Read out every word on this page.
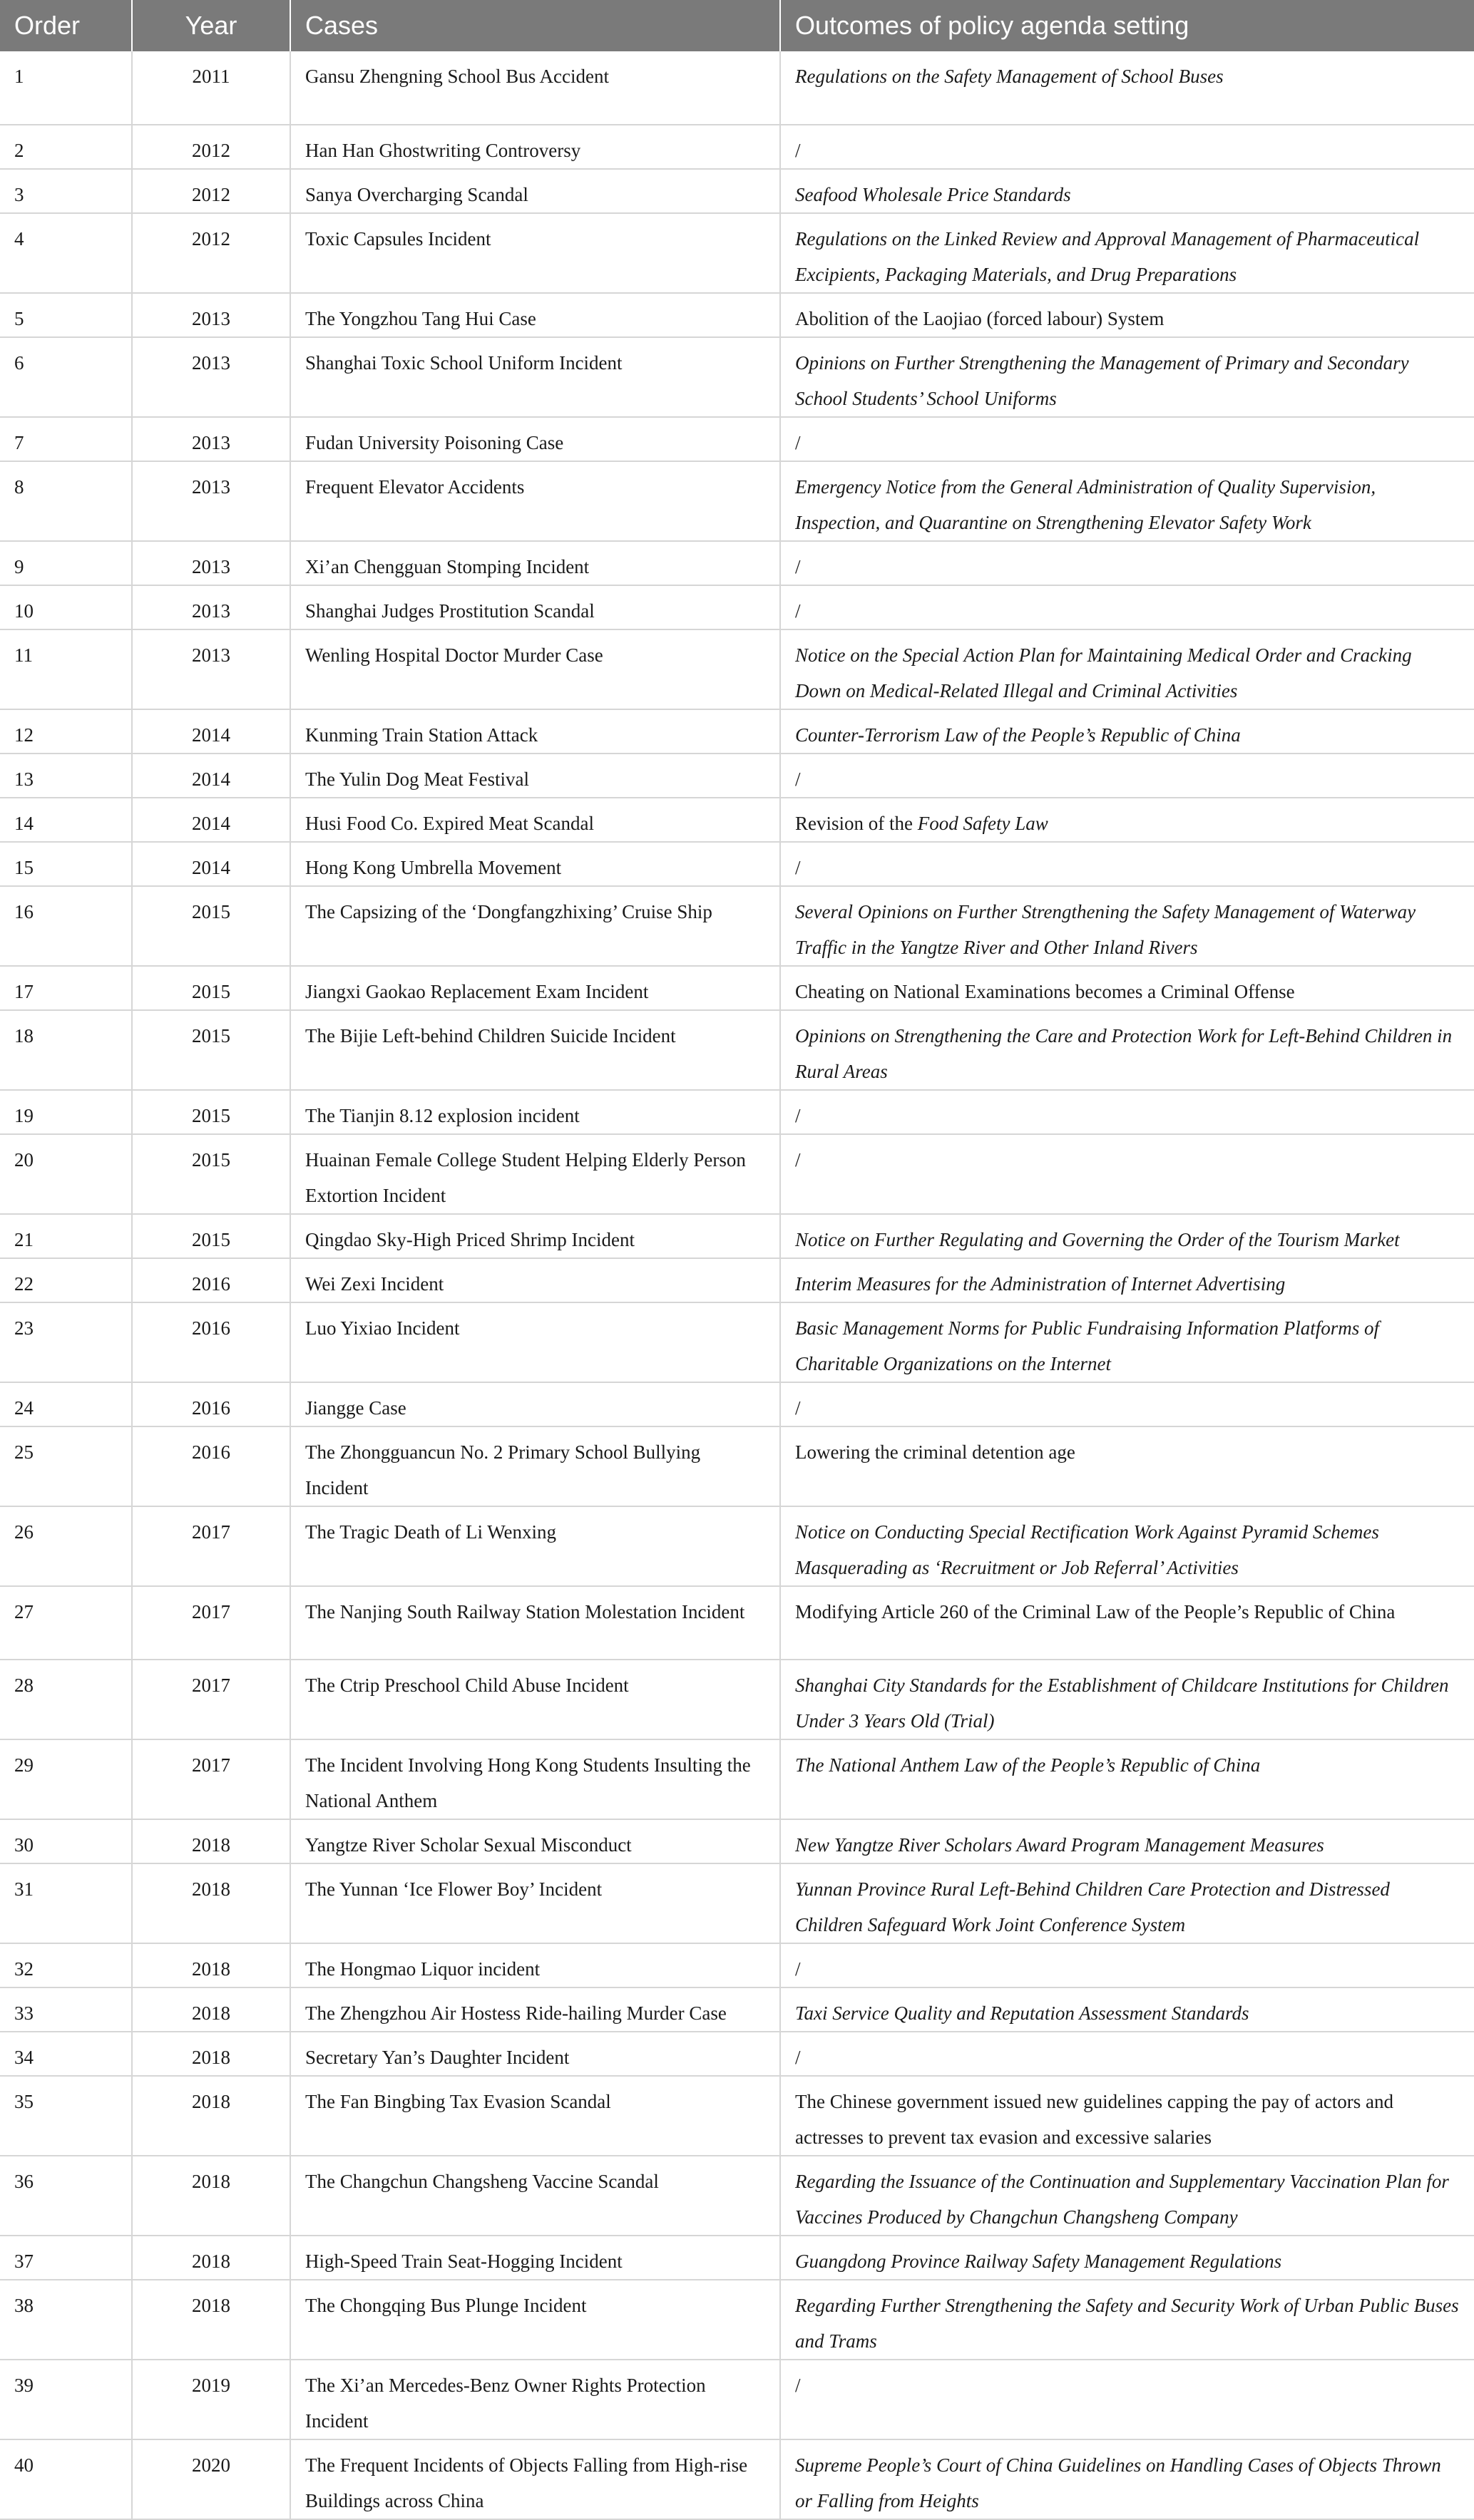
Order	Year	Cases	Outcomes of policy agenda setting
1	2011	Gansu Zhengning School Bus Accident	Regulations on the Safety Management of School Buses
2	2012	Han Han Ghostwriting Controversy	/
3	2012	Sanya Overcharging Scandal	Seafood Wholesale Price Standards
4	2012	Toxic Capsules Incident	Regulations on the Linked Review and Approval Management of Pharmaceutical Excipients, Packaging Materials, and Drug Preparations
5	2013	The Yongzhou Tang Hui Case	Abolition of the Laojiao (forced labour) System
6	2013	Shanghai Toxic School Uniform Incident	Opinions on Further Strengthening the Management of Primary and Secondary School Students’ School Uniforms
7	2013	Fudan University Poisoning Case	/
8	2013	Frequent Elevator Accidents	Emergency Notice from the General Administration of Quality Supervision, Inspection, and Quarantine on Strengthening Elevator Safety Work
9	2013	Xi’an Chengguan Stomping Incident	/
10	2013	Shanghai Judges Prostitution Scandal	/
11	2013	Wenling Hospital Doctor Murder Case	Notice on the Special Action Plan for Maintaining Medical Order and Cracking Down on Medical-Related Illegal and Criminal Activities
12	2014	Kunming Train Station Attack	Counter-Terrorism Law of the People’s Republic of China
13	2014	The Yulin Dog Meat Festival	/
14	2014	Husi Food Co. Expired Meat Scandal	Revision of the Food Safety Law
15	2014	Hong Kong Umbrella Movement	/
16	2015	The Capsizing of the ‘Dongfangzhixing’ Cruise Ship	Several Opinions on Further Strengthening the Safety Management of Waterway Traffic in the Yangtze River and Other Inland Rivers
17	2015	Jiangxi Gaokao Replacement Exam Incident	Cheating on National Examinations becomes a Criminal Offense
18	2015	The Bijie Left-behind Children Suicide Incident	Opinions on Strengthening the Care and Protection Work for Left-Behind Children in Rural Areas
19	2015	The Tianjin 8.12 explosion incident	/
20	2015	Huainan Female College Student Helping Elderly Person Extortion Incident	/
21	2015	Qingdao Sky-High Priced Shrimp Incident	Notice on Further Regulating and Governing the Order of the Tourism Market
22	2016	Wei Zexi Incident	Interim Measures for the Administration of Internet Advertising
23	2016	Luo Yixiao Incident	Basic Management Norms for Public Fundraising Information Platforms of Charitable Organizations on the Internet
24	2016	Jiangge Case	/
25	2016	The Zhongguancun No. 2 Primary School Bullying Incident	Lowering the criminal detention age
26	2017	The Tragic Death of Li Wenxing	Notice on Conducting Special Rectification Work Against Pyramid Schemes Masquerading as ‘Recruitment or Job Referral’ Activities
27	2017	The Nanjing South Railway Station Molestation Incident	Modifying Article 260 of the Criminal Law of the People’s Republic of China
28	2017	The Ctrip Preschool Child Abuse Incident	Shanghai City Standards for the Establishment of Childcare Institutions for Children Under 3 Years Old (Trial)
29	2017	The Incident Involving Hong Kong Students Insulting the National Anthem	The National Anthem Law of the People’s Republic of China
30	2018	Yangtze River Scholar Sexual Misconduct	New Yangtze River Scholars Award Program Management Measures
31	2018	The Yunnan ‘Ice Flower Boy’ Incident	Yunnan Province Rural Left-Behind Children Care Protection and Distressed Children Safeguard Work Joint Conference System
32	2018	The Hongmao Liquor incident	/
33	2018	The Zhengzhou Air Hostess Ride-hailing Murder Case	Taxi Service Quality and Reputation Assessment Standards
34	2018	Secretary Yan’s Daughter Incident	/
35	2018	The Fan Bingbing Tax Evasion Scandal	The Chinese government issued new guidelines capping the pay of actors and actresses to prevent tax evasion and excessive salaries
36	2018	The Changchun Changsheng Vaccine Scandal	Regarding the Issuance of the Continuation and Supplementary Vaccination Plan for Vaccines Produced by Changchun Changsheng Company
37	2018	High-Speed Train Seat-Hogging Incident	Guangdong Province Railway Safety Management Regulations
38	2018	The Chongqing Bus Plunge Incident	Regarding Further Strengthening the Safety and Security Work of Urban Public Buses and Trams
39	2019	The Xi’an Mercedes-Benz Owner Rights Protection Incident	/
40	2020	The Frequent Incidents of Objects Falling from High-rise Buildings across China	Supreme People’s Court of China Guidelines on Handling Cases of Objects Thrown or Falling from Heights
